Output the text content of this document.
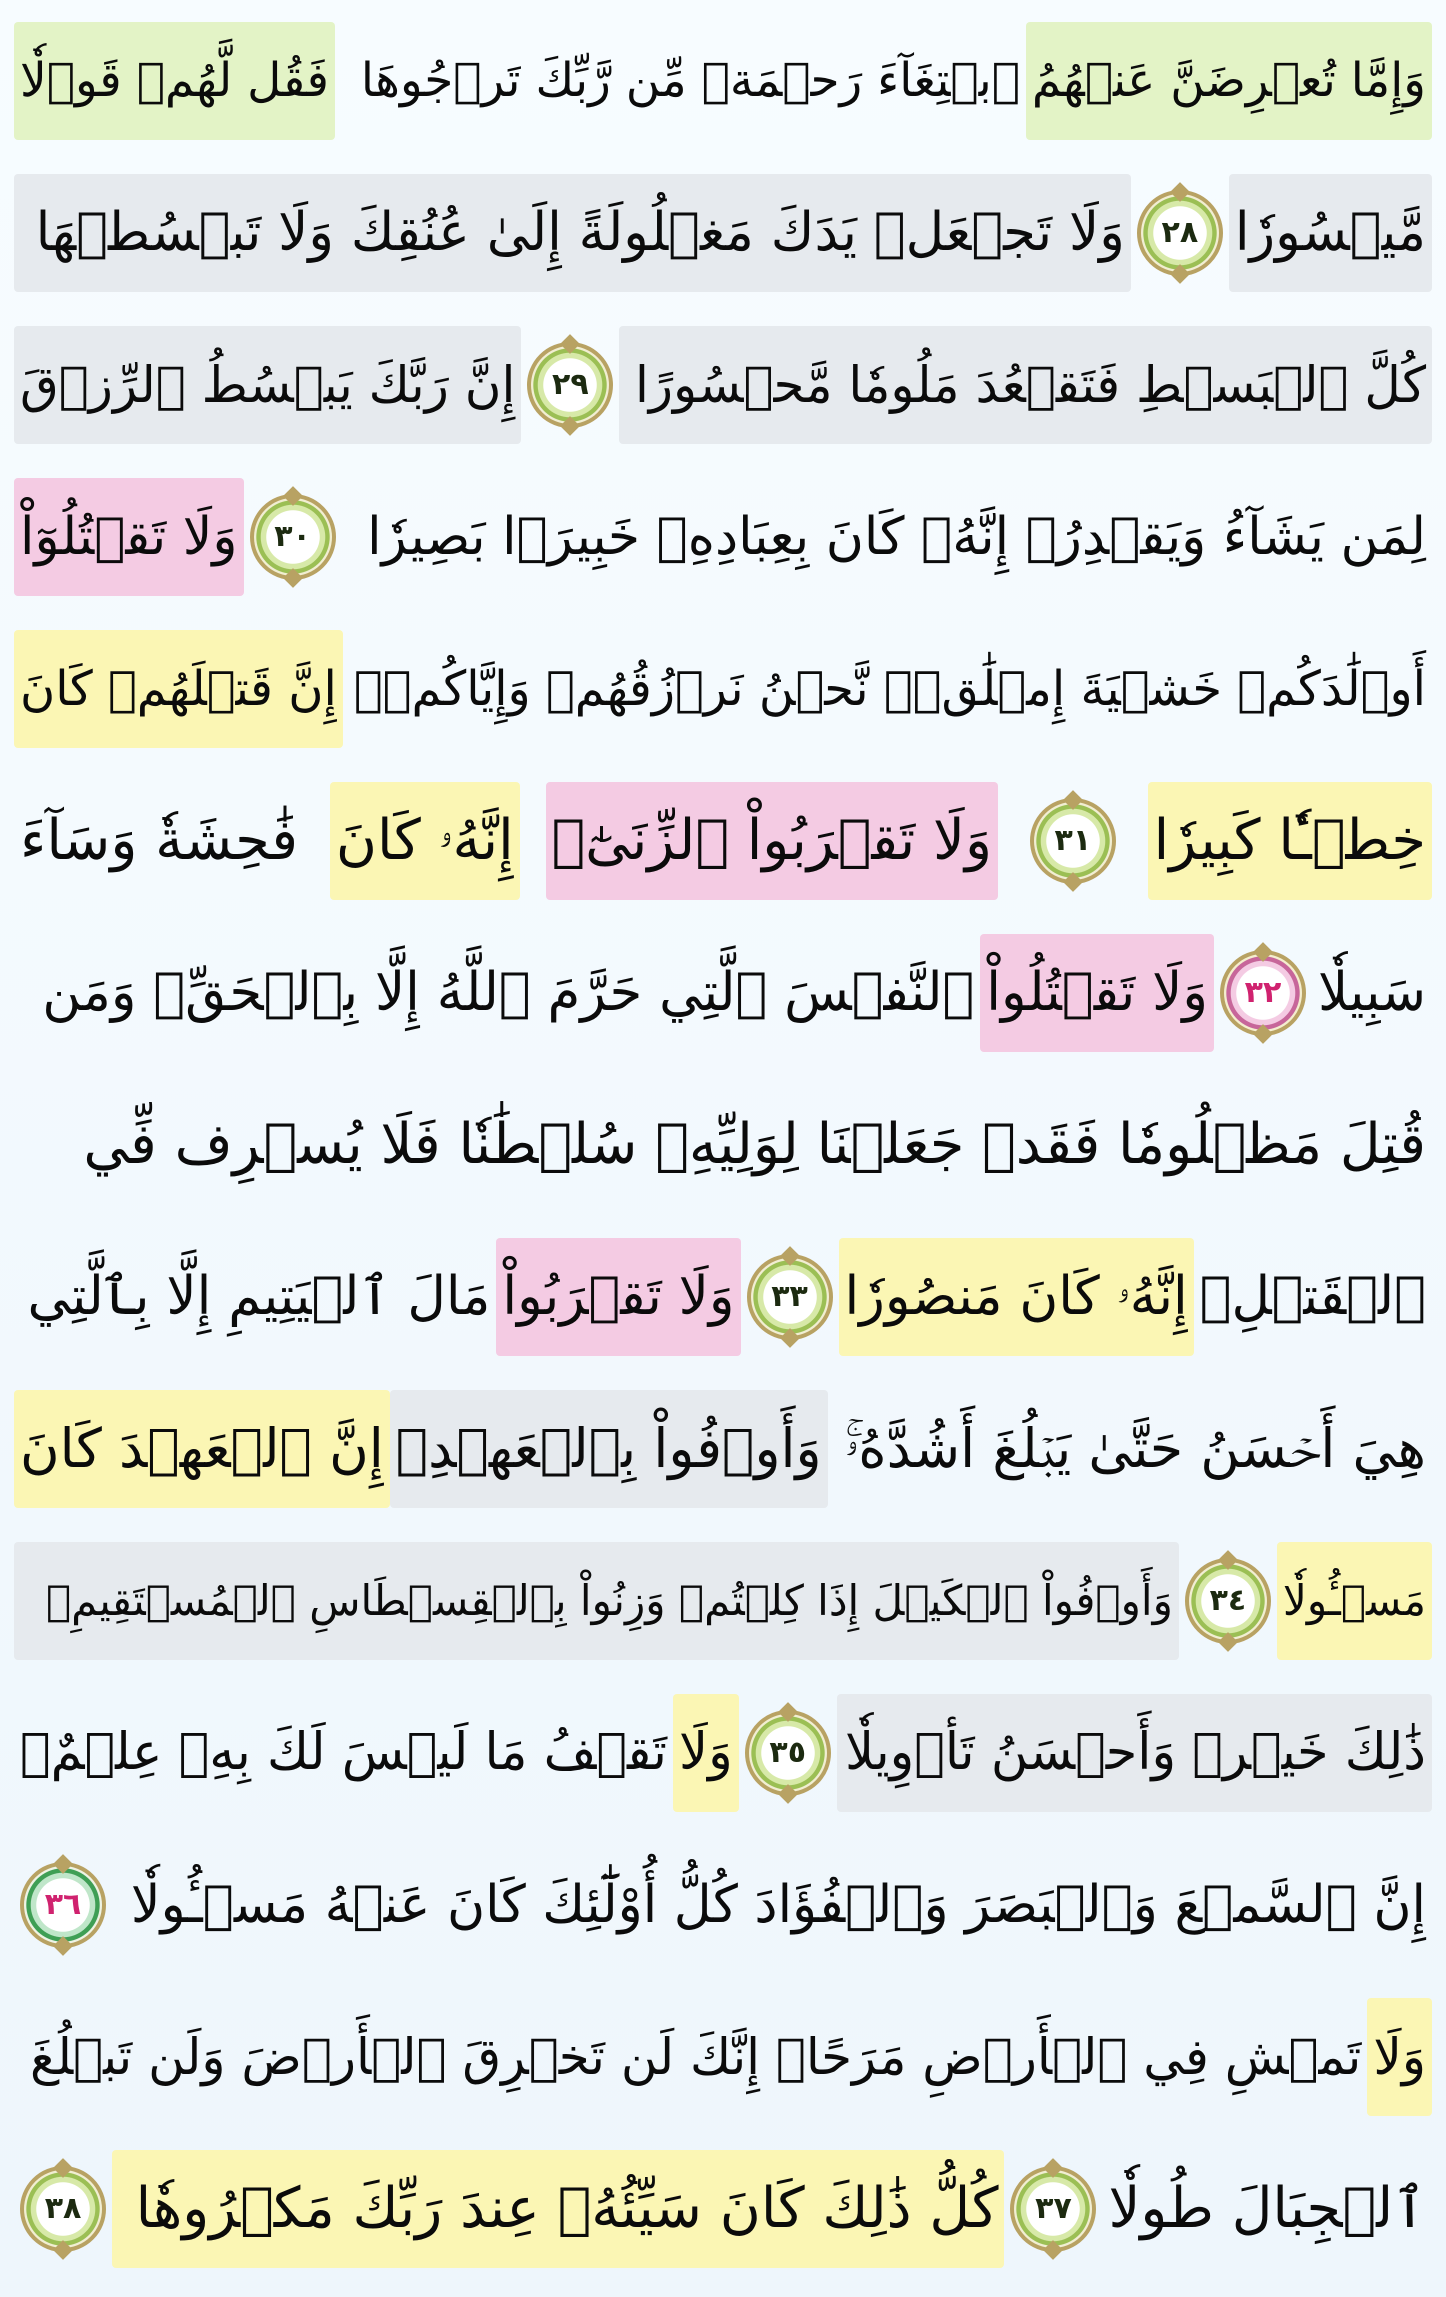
وَإِمَّا تُعۡرِضَنَّ عَنۡهُمُ
ٱبۡتِغَآءَ رَحۡمَةٖ مِّن رَّبِّكَ تَرۡجُوهَا
فَقُل لَّهُمۡ قَوۡلٗا
مَّيۡسُورٗا
٢٨
وَلَا تَجۡعَلۡ يَدَكَ مَغۡلُولَةً إِلَىٰ عُنُقِكَ وَلَا تَبۡسُطۡهَا
كُلَّ ٱلۡبَسۡطِ فَتَقۡعُدَ مَلُومٗا مَّحۡسُورًا
٢٩
إِنَّ رَبَّكَ يَبۡسُطُ ٱلرِّزۡقَ
لِمَن يَشَآءُ وَيَقۡدِرُۚ إِنَّهُۥ كَانَ بِعِبَادِهِۦ خَبِيرَۢا بَصِيرٗا
٣٠
وَلَا تَقۡتُلُوٓاْ
أَوۡلَٰدَكُمۡ خَشۡيَةَ إِمۡلَٰقٖۖ نَّحۡنُ نَرۡزُقُهُمۡ وَإِيَّاكُمۡۚ
إِنَّ قَتۡلَهُمۡ كَانَ
خِطۡـٔٗا كَبِيرٗا
٣١
وَلَا تَقۡرَبُواْ ٱلزِّنَىٰٓۖ
إِنَّهُۥ كَانَ
فَٰحِشَةٗ وَسَآءَ
سَبِيلٗا
٣٢
وَلَا تَقۡتُلُواْ
ٱلنَّفۡسَ ٱلَّتِي حَرَّمَ ٱللَّهُ إِلَّا بِٱلۡحَقِّۗ وَمَن
قُتِلَ مَظۡلُومٗا فَقَدۡ جَعَلۡنَا لِوَلِيِّهِۦ سُلۡطَٰنٗا فَلَا يُسۡرِف فِّي
ٱلۡقَتۡلِۖ
إِنَّهُۥ كَانَ مَنصُورٗا
٣٣
وَلَا تَقۡرَبُواْ
مَالَ ٱلۡيَتِيمِ إِلَّا بِٱلَّتِي
هِيَ أَحۡسَنُ حَتَّىٰ يَبۡلُغَ أَشُدَّهُۥۚ
وَأَوۡفُواْ بِٱلۡعَهۡدِۖ
إِنَّ ٱلۡعَهۡدَ كَانَ
مَسۡـُٔولٗا
٣٤
وَأَوۡفُواْ ٱلۡكَيۡلَ إِذَا كِلۡتُمۡ وَزِنُواْ بِٱلۡقِسۡطَاسِ ٱلۡمُسۡتَقِيمِۚ
ذَٰلِكَ خَيۡرٞ وَأَحۡسَنُ تَأۡوِيلٗا
٣٥
وَلَا
تَقۡفُ مَا لَيۡسَ لَكَ بِهِۦ عِلۡمٌۚ
إِنَّ ٱلسَّمۡعَ وَٱلۡبَصَرَ وَٱلۡفُؤَادَ كُلُّ أُوْلَٰٓئِكَ كَانَ عَنۡهُ مَسۡـُٔولٗا
٣٦
وَلَا
تَمۡشِ فِي ٱلۡأَرۡضِ مَرَحًاۖ إِنَّكَ لَن تَخۡرِقَ ٱلۡأَرۡضَ وَلَن تَبۡلُغَ
ٱلۡجِبَالَ طُولٗا
٣٧
كُلُّ ذَٰلِكَ كَانَ سَيِّئُهُۥ عِندَ رَبِّكَ مَكۡرُوهٗا
٣٨
